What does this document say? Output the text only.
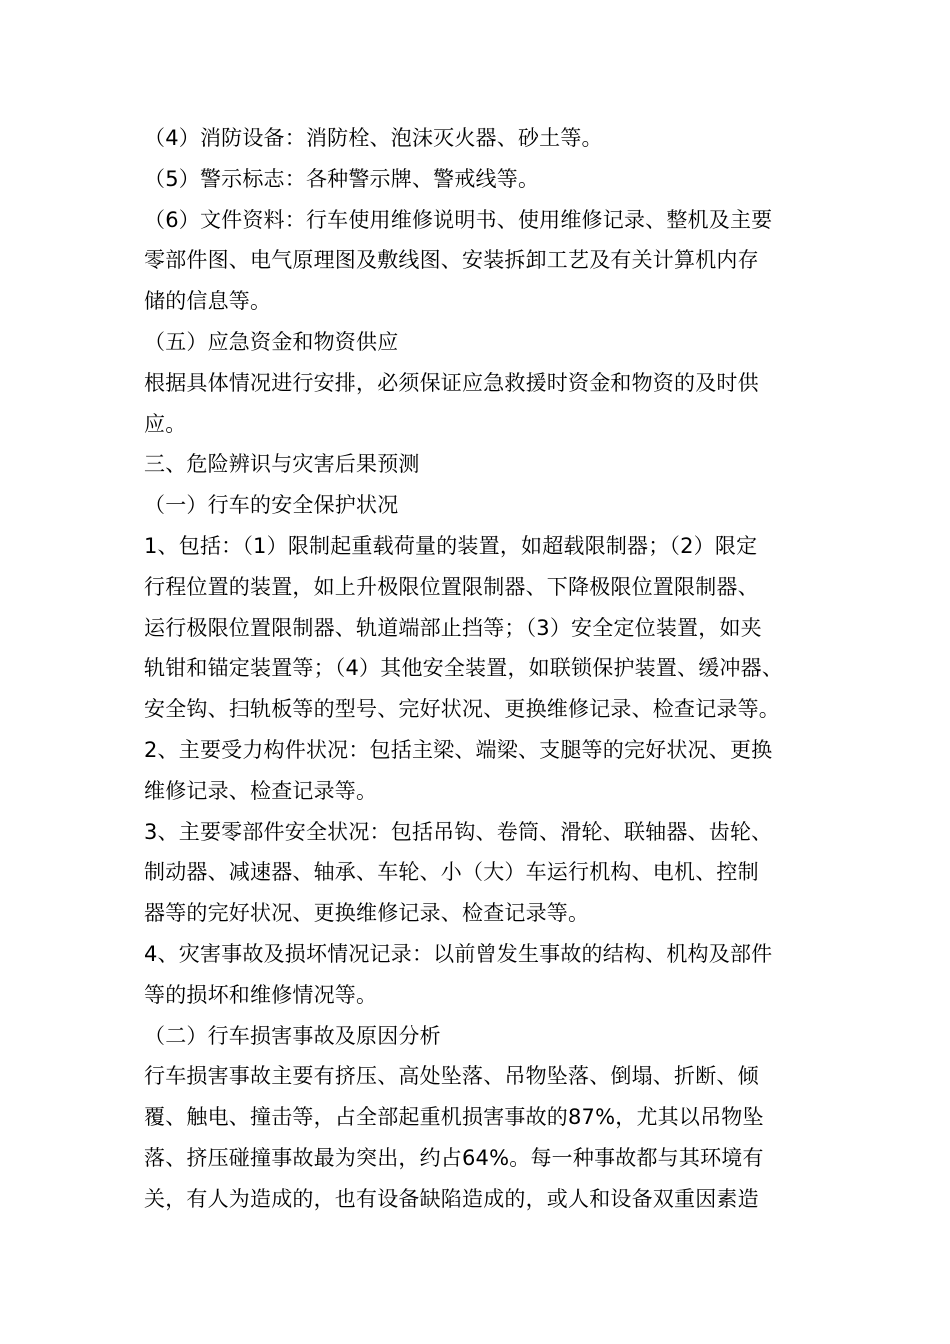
（4）消防设备：消防栓、泡沫灭火器、砂土等。
（5）警示标志：各种警示牌、警戒线等。
（6）文件资料：行车使用维修说明书、使用维修记录、整机及主要
零部件图、电气原理图及敷线图、安装拆卸工艺及有关计算机内存
储的信息等。
（五）应急资金和物资供应
根据具体情况进行安排，必须保证应急救援时资金和物资的及时供
应。
三、危险辨识与灾害后果预测
（一）行车的安全保护状况
1、包括：（1）限制起重载荷量的装置，如超载限制器；（2）限定
行程位置的装置，如上升极限位置限制器、下降极限位置限制器、
运行极限位置限制器、轨道端部止挡等；（3）安全定位装置，如夹
轨钳和锚定装置等；（4）其他安全装置，如联锁保护装置、缓冲器、
安全钩、扫轨板等的型号、完好状况、更换维修记录、检查记录等。
2、主要受力构件状况：包括主梁、端梁、支腿等的完好状况、更换
维修记录、检查记录等。
3、主要零部件安全状况：包括吊钩、卷筒、滑轮、联轴器、齿轮、
制动器、减速器、轴承、车轮、小（大）车运行机构、电机、控制
器等的完好状况、更换维修记录、检查记录等。
4、灾害事故及损坏情况记录：以前曾发生事故的结构、机构及部件
等的损坏和维修情况等。
（二）行车损害事故及原因分析
行车损害事故主要有挤压、高处坠落、吊物坠落、倒塌、折断、倾
覆、触电、撞击等，占全部起重机损害事故的87%，尤其以吊物坠
落、挤压碰撞事故最为突出，约占64%。每一种事故都与其环境有
关，有人为造成的，也有设备缺陷造成的，或人和设备双重因素造
